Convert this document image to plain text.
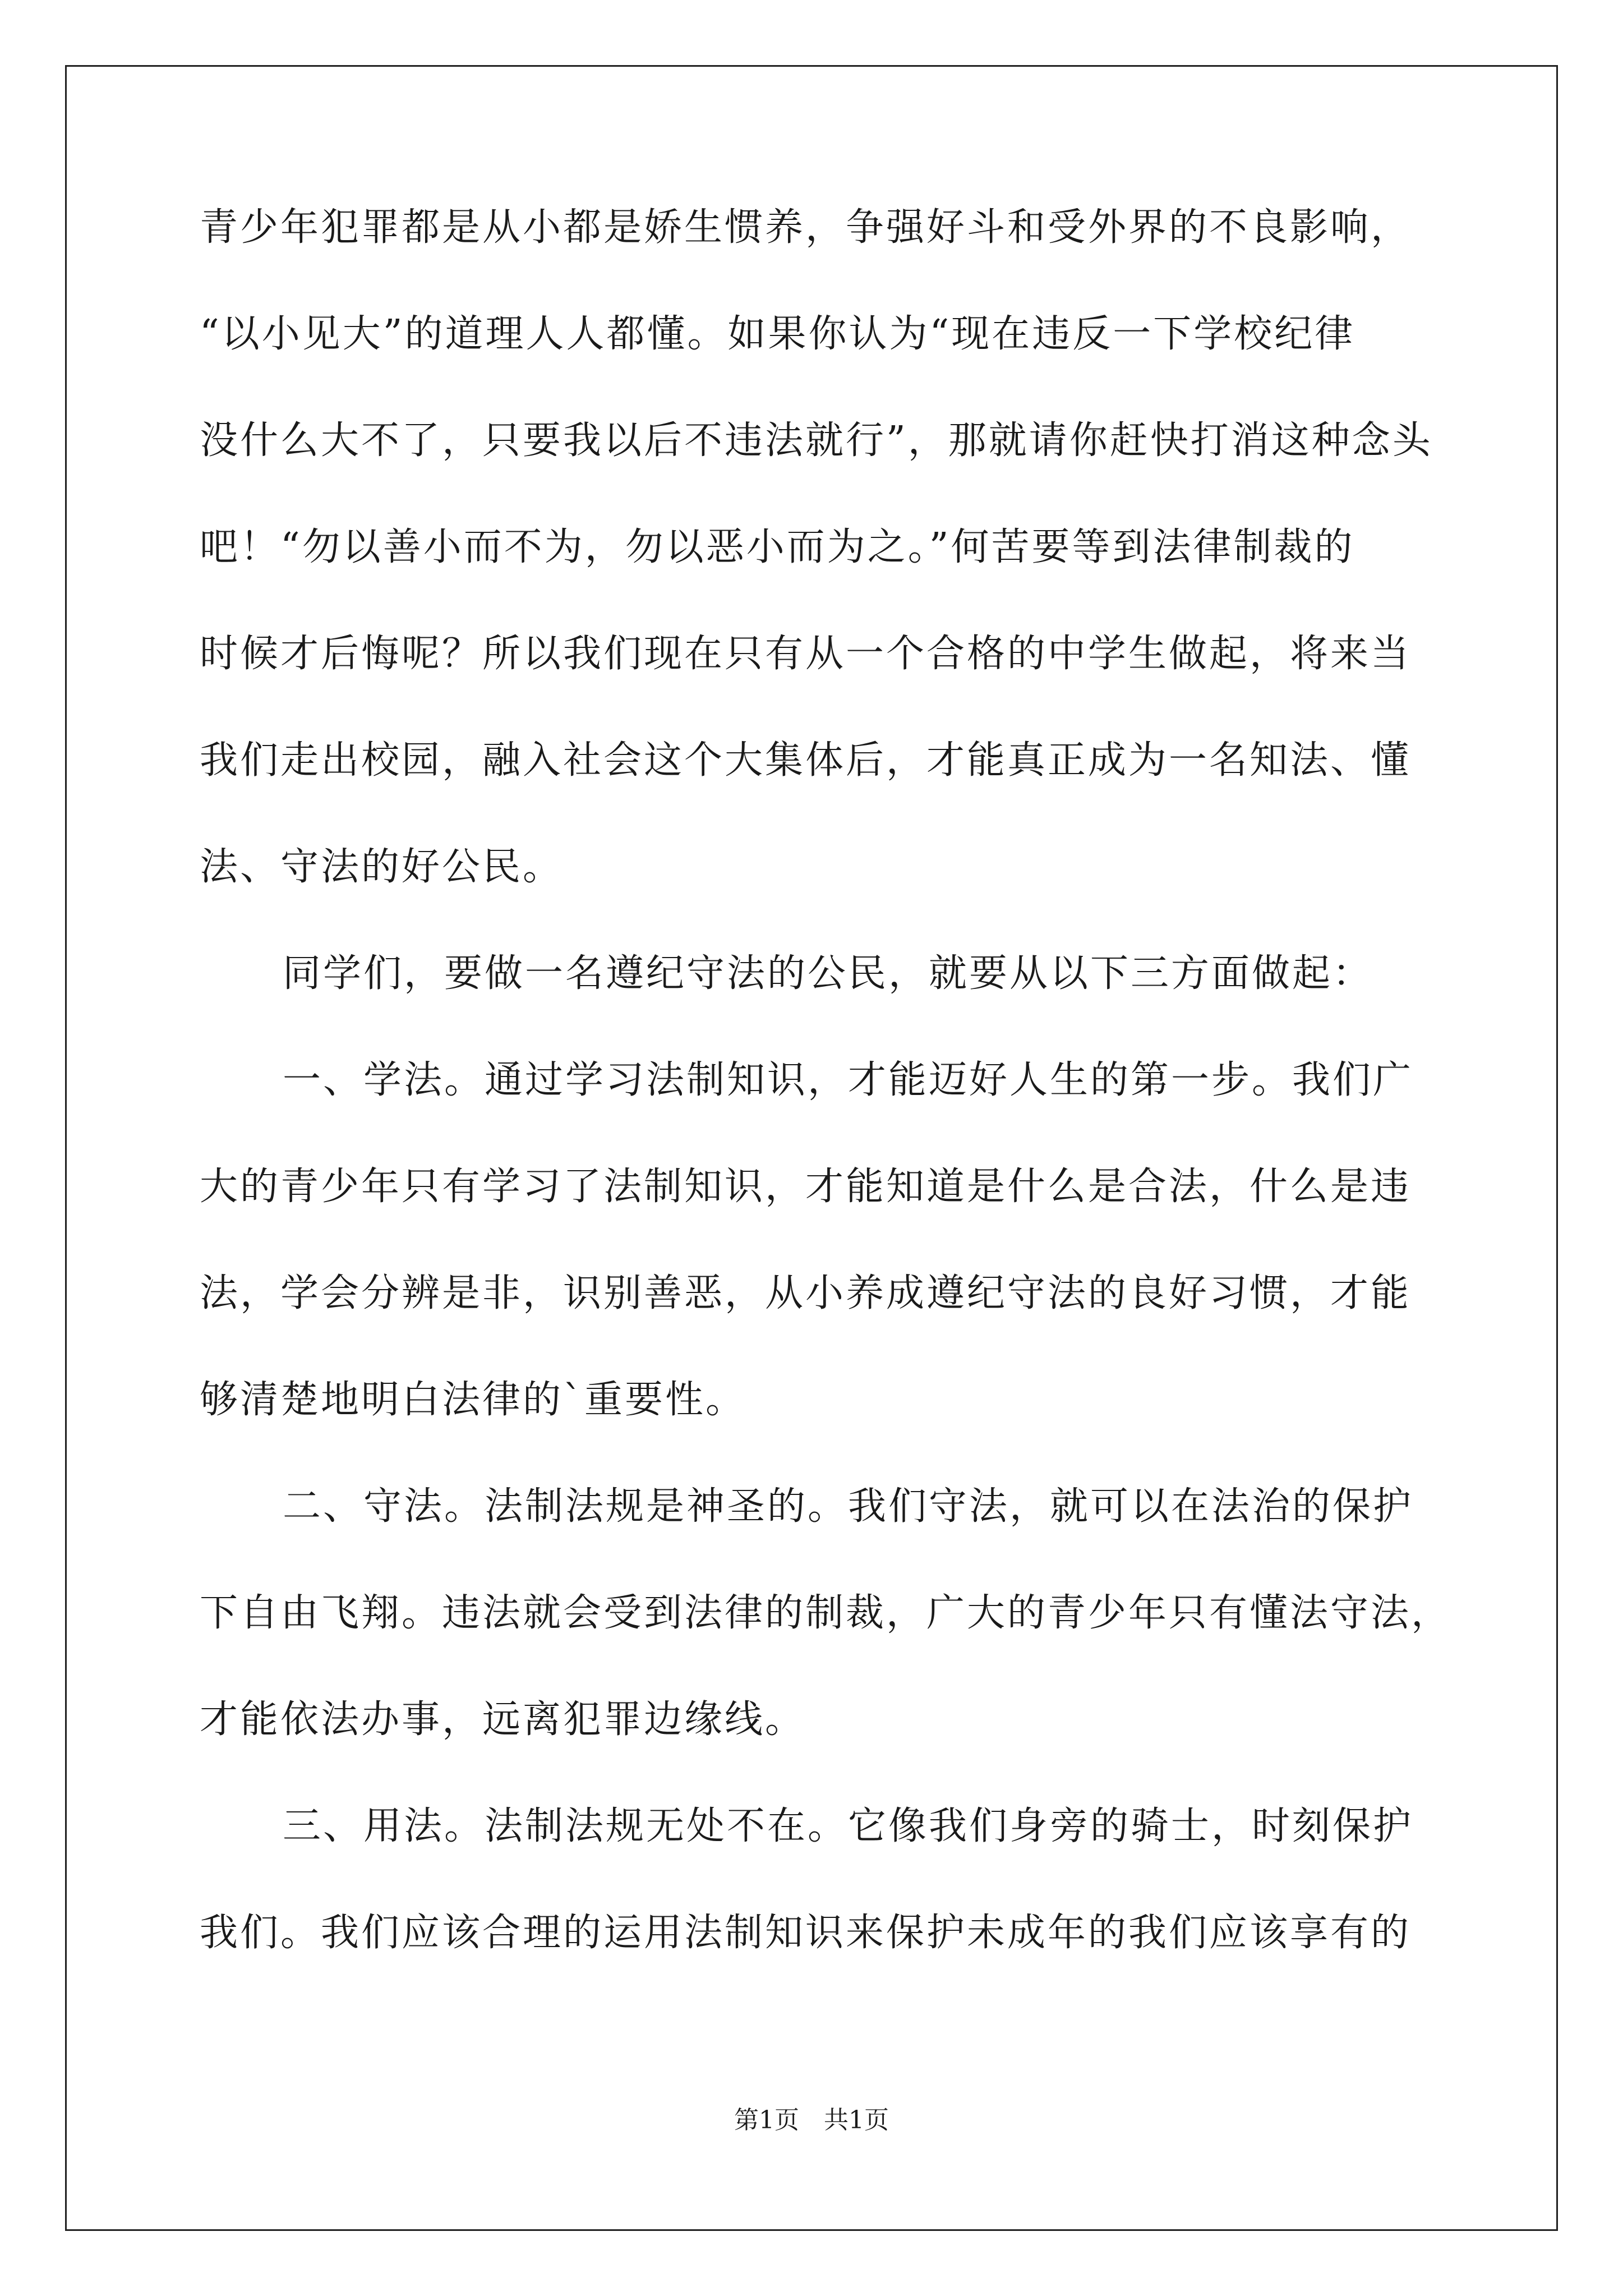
青少年犯罪都是从小都是娇生惯养，争强好斗和受外界的不良影响，
“以小见大”的道理人人都懂。如果你认为“现在违反一下学校纪律
没什么大不了，只要我以后不违法就行”，那就请你赶快打消这种念头
吧！“勿以善小而不为，勿以恶小而为之。”何苦要等到法律制裁的
时候才后悔呢？所以我们现在只有从一个合格的中学生做起，将来当
我们走出校园，融入社会这个大集体后，才能真正成为一名知法、懂
法、守法的好公民。
同学们，要做一名遵纪守法的公民，就要从以下三方面做起：
一、学法。通过学习法制知识，才能迈好人生的第一步。我们广
大的青少年只有学习了法制知识，才能知道是什么是合法，什么是违
法，学会分辨是非，识别善恶，从小养成遵纪守法的良好习惯，才能
够清楚地明白法律的`重要性。
二、守法。法制法规是神圣的。我们守法，就可以在法治的保护
下自由飞翔。违法就会受到法律的制裁，广大的青少年只有懂法守法，
才能依法办事，远离犯罪边缘线。
三、用法。法制法规无处不在。它像我们身旁的骑士，时刻保护
我们。我们应该合理的运用法制知识来保护未成年的我们应该享有的
第1页　共1页
